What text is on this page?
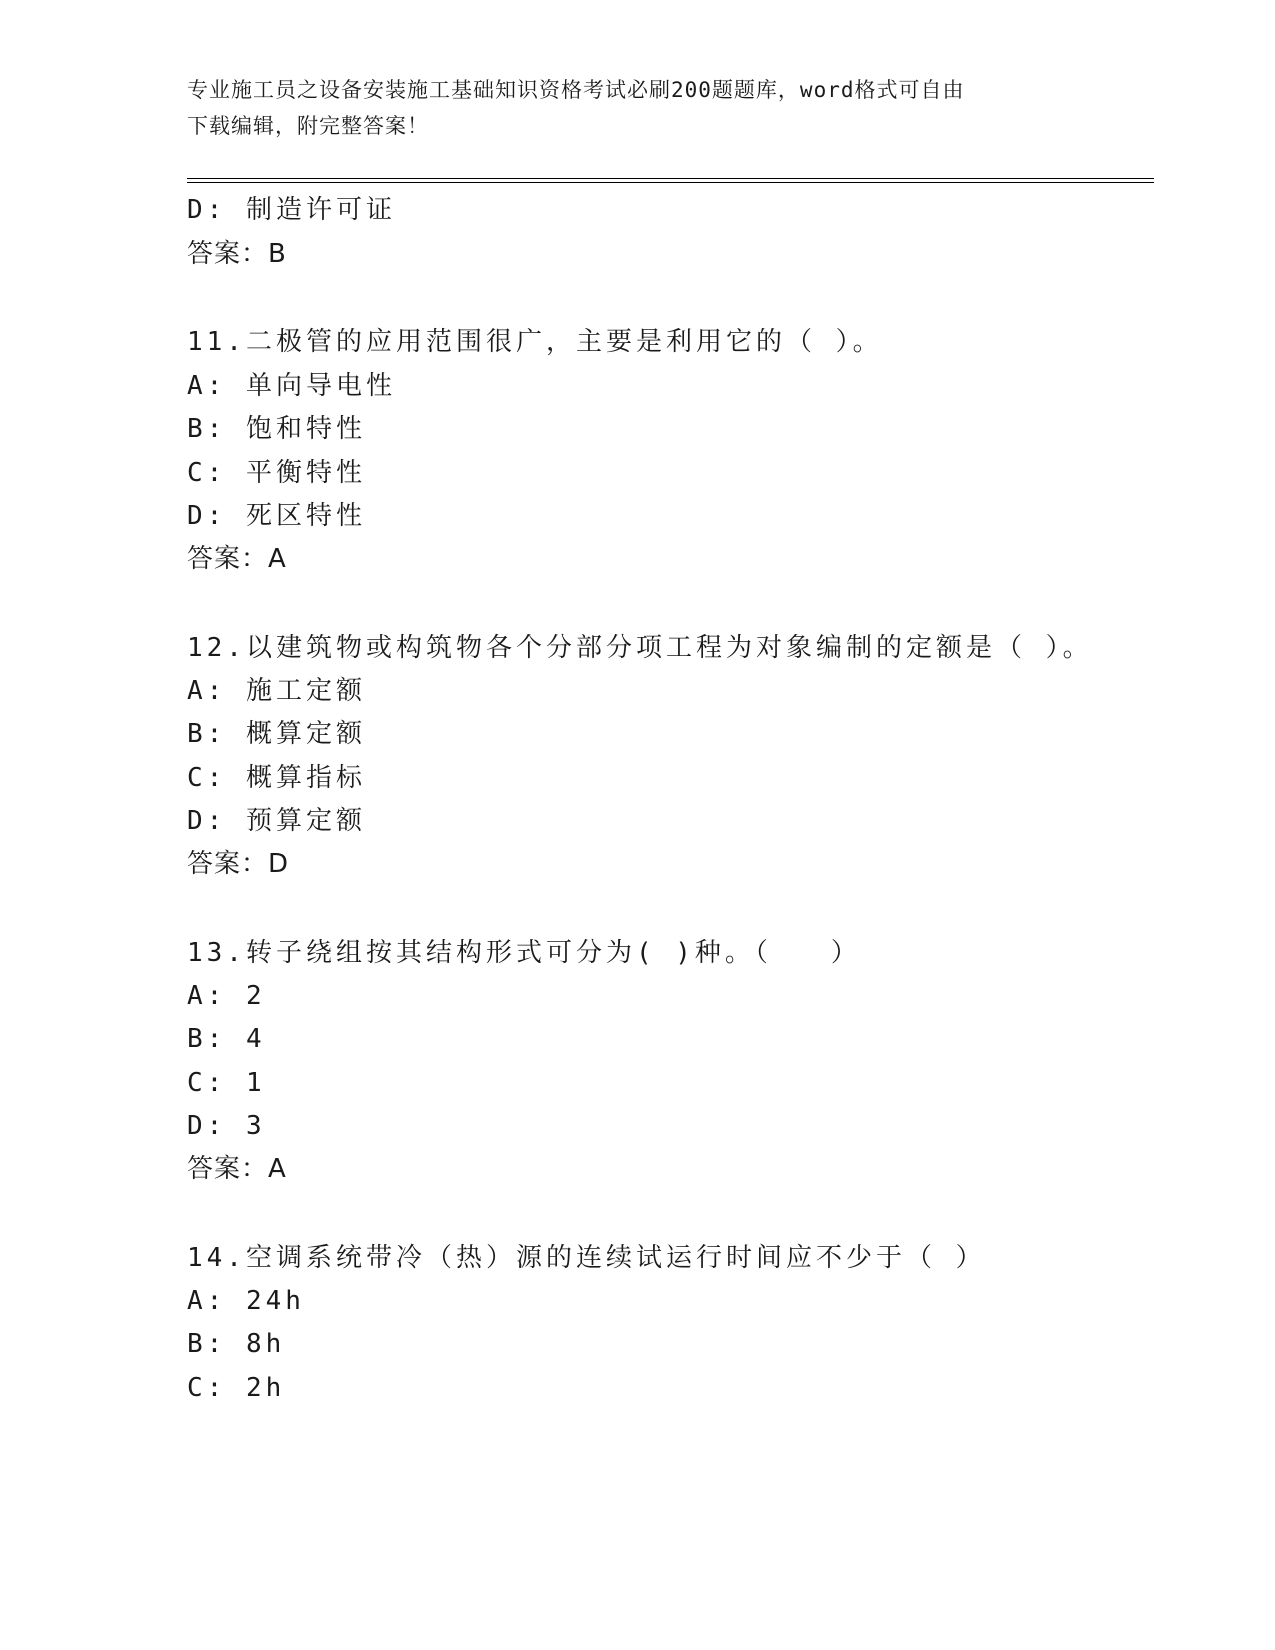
专业施工员之设备安装施工基础知识资格考试必刷200题题库，word格式可自由
下载编辑，附完整答案！
D: 制造许可证
答案：B
11.二极管的应用范围很广，主要是利用它的（ ）。
A: 单向导电性
B: 饱和特性
C: 平衡特性
D: 死区特性
答案：A
12.以建筑物或构筑物各个分部分项工程为对象编制的定额是（ ）。
A: 施工定额
B: 概算定额
C: 概算指标
D: 预算定额
答案：D
13.转子绕组按其结构形式可分为( )种。（   ）
A: 2
B: 4
C: 1
D: 3
答案：A
14.空调系统带冷（热）源的连续试运行时间应不少于（ ）
A: 24h
B: 8h
C: 2h
